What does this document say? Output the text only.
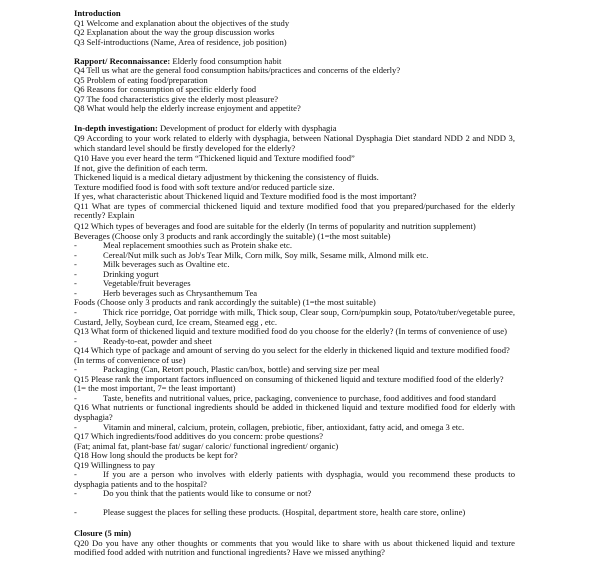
Introduction
Q1 Welcome and explanation about the objectives of the study
Q2 Explanation about the way the group discussion works
Q3 Self-introductions (Name, Area of residence, job position)
Rapport/ Reconnaissance: Elderly food consumption habit
Q4 Tell us what are the general food consumption habits/practices and concerns of the elderly?
Q5 Problem of eating food/preparation
Q6 Reasons for consumption of specific elderly food
Q7 The food characteristics give the elderly most pleasure?
Q8 What would help the elderly increase enjoyment and appetite?
In-depth investigation: Development of product for elderly with dysphagia
Q9 According to your work related to elderly with dysphagia, between National Dysphagia Diet standard NDD 2 and NDD 3, which standard level should be firstly developed for the elderly?
Q10 Have you ever heard the term “Thickened liquid and Texture modified food”
If not, give the definition of each term.
Thickened liquid is a medical dietary adjustment by thickening the consistency of fluids.
Texture modified food is food with soft texture and/or reduced particle size.
If yes, what characteristic about Thickened liquid and Texture modified food is the most important?
Q11 What are types of commercial thickened liquid and texture modified food that you prepared/purchased for the elderly recently? Explain
Q12 Which types of beverages and food are suitable for the elderly (In terms of popularity and nutrition supplement)
Beverages (Choose only 3 products and rank accordingly the suitable) (1=the most suitable)
-	Meal replacement smoothies such as Protein shake etc.
-	Cereal/Nut milk such as Job's Tear Milk, Corn milk, Soy milk, Sesame milk, Almond milk etc.
-	Milk beverages such as Ovaltine etc.
-	Drinking yogurt
-	Vegetable/fruit beverages
-	Herb beverages such as Chrysanthemum Tea
Foods (Choose only 3 products and rank accordingly the suitable) (1=the most suitable)
-	Thick rice porridge, Oat porridge with milk, Thick soup, Clear soup, Corn/pumpkin soup, Potato/tuber/vegetable puree, Custard, Jelly, Soybean curd, Ice cream, Steamed egg , etc.
Q13 What form of thickened liquid and texture modified food do you choose for the elderly? (In terms of convenience of use)
-	Ready-to-eat, powder and sheet
Q14 Which type of package and amount of serving do you select for the elderly in thickened liquid and texture modified food?
(In terms of convenience of use)
-	Packaging (Can, Retort pouch, Plastic can/box, bottle) and serving size per meal
Q15 Please rank the important factors influenced on consuming of thickened liquid and texture modified food of the elderly?
(1= the most important, 7= the least important)
-	Taste, benefits and nutritional values, price, packaging, convenience to purchase, food additives and food standard
Q16 What nutrients or functional ingredients should be added in thickened liquid and texture modified food for elderly with dysphagia?
-	Vitamin and mineral, calcium, protein, collagen, prebiotic, fiber, antioxidant, fatty acid, and omega 3 etc.
Q17 Which ingredients/food additives do you concern: probe questions?
(Fat; animal fat, plant-base fat/ sugar/ caloric/ functional ingredient/ organic)
Q18 How long should the products be kept for?
Q19 Willingness to pay
-	If you are a person who involves with elderly patients with dysphagia, would you recommend these products to dysphagia patients and to the hospital?
-	Do you think that the patients would like to consume or not?
-	Please suggest the places for selling these products. (Hospital, department store, health care store, online)
Closure (5 min)
Q20 Do you have any other thoughts or comments that you would like to share with us about thickened liquid and texture modified food added with nutrition and functional ingredients? Have we missed anything?
